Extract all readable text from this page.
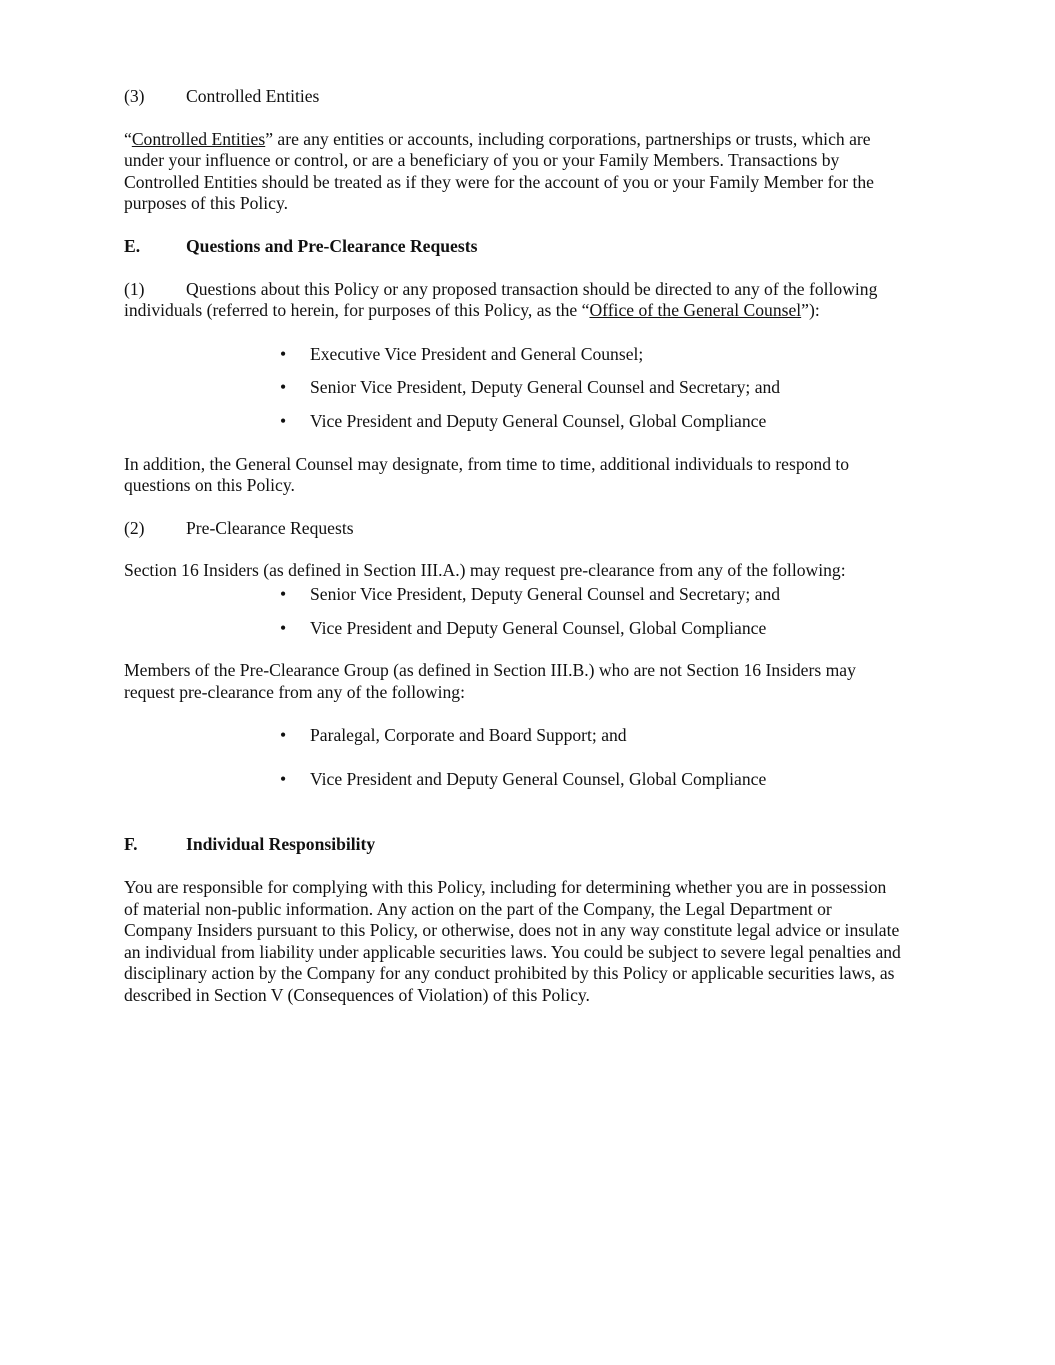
(3)	Controlled Entities

“Controlled Entities” are any entities or accounts, including corporations, partnerships or trusts, which are under your influence or control, or are a beneficiary of you or your Family Members. Transactions by Controlled Entities should be treated as if they were for the account of you or your Family Member for the purposes of this Policy.

E.	Questions and Pre-Clearance Requests

(1) Questions about this Policy or any proposed transaction should be directed to any of the following individuals (referred to herein, for purposes of this Policy, as the “Office of the General Counsel”):

• Executive Vice President and General Counsel;
• Senior Vice President, Deputy General Counsel and Secretary; and
• Vice President and Deputy General Counsel, Global Compliance

In addition, the General Counsel may designate, from time to time, additional individuals to respond to questions on this Policy.

(2)	Pre-Clearance Requests

Section 16 Insiders (as defined in Section III.A.) may request pre-clearance from any of the following:

• Senior Vice President, Deputy General Counsel and Secretary; and
• Vice President and Deputy General Counsel, Global Compliance

Members of the Pre-Clearance Group (as defined in Section III.B.) who are not Section 16 Insiders may request pre-clearance from any of the following:

• Paralegal, Corporate and Board Support; and
• Vice President and Deputy General Counsel, Global Compliance

F.	Individual Responsibility

You are responsible for complying with this Policy, including for determining whether you are in possession of material non-public information. Any action on the part of the Company, the Legal Department or Company Insiders pursuant to this Policy, or otherwise, does not in any way constitute legal advice or insulate an individual from liability under applicable securities laws. You could be subject to severe legal penalties and disciplinary action by the Company for any conduct prohibited by this Policy or applicable securities laws, as described in Section V (Consequences of Violation) of this Policy.
